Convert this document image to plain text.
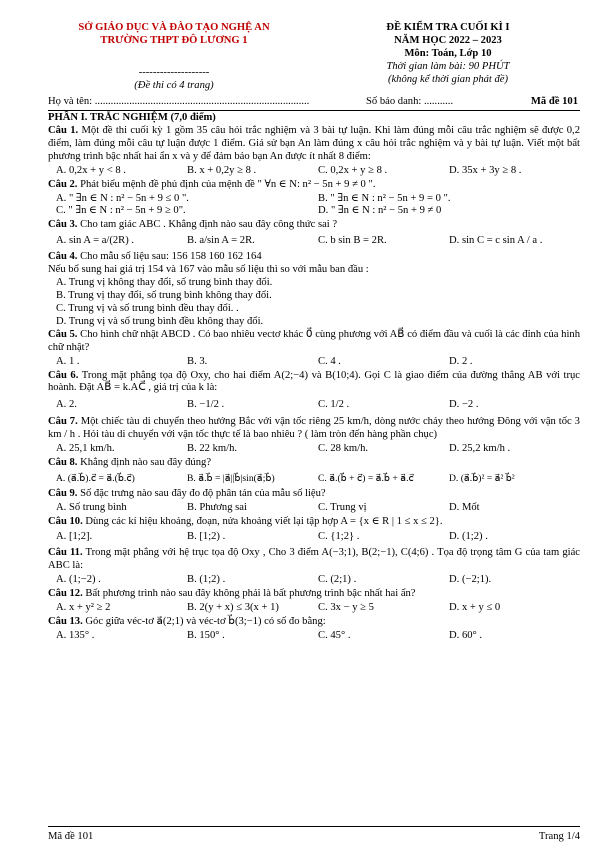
SỞ GIÁO DỤC VÀ ĐÀO TẠO NGHỆ AN
TRƯỜNG THPT ĐÔ LƯƠNG 1
--------------------
(Đề thi có 4 trang)
ĐỀ KIỂM TRA CUỐI KÌ I
NĂM HỌC 2022 – 2023
Môn: Toán, Lớp 10
Thời gian làm bài: 90 PHÚT
(không kể thời gian phát đề)
Họ và tên: .................................................................................	Số báo danh: ...........	Mã đề 101

PHẦN I. TRẮC NGHIỆM (7,0 điểm)

Câu 1. Một đề thi cuối kỳ 1 gồm 35 câu hỏi trắc nghiệm và 3 bài tự luận. Khi làm đúng mỗi câu trắc nghiệm sẽ được 0,2 điểm, làm đúng mỗi câu tự luận được 1 điểm. Giả sử bạn An làm đúng x câu hỏi trắc nghiệm và y bài tự luận. Viết một bất phương trình bậc nhất hai ẩn x và y để đảm bảo bạn An được ít nhất 8 điểm:

A. 0,2x + y < 8 .	B. x + 0,2y ≥ 8 .	C. 0,2x + y ≥ 8 .	D. 35x + 3y ≥ 8 .

Câu 2. Phát biểu mệnh đề phủ định của mệnh đề " ∀n ∈ N: n² − 5n + 9 ≠ 0 ".

A. " ∃n ∈ N : n² − 5n + 9 ≤ 0 ".	B. " ∃n ∈ N : n² − 5n + 9 = 0 ".
C. " ∃n ∈ N : n² − 5n + 9 ≥ 0".	D. " ∃n ∈ N : n² − 5n + 9 ≠ 0

Câu 3. Cho tam giác ABC . Khẳng định nào sau đây công thức sai ?

A. sin A = a/(2R) .	B. a/sin A = 2R.	C. b sin B = 2R.	D. sin C = c sin A / a .

Câu 4. Cho mẫu số liệu sau: 156 158 160 162 164

Nếu bổ sung hai giá trị 154 và 167 vào mẫu số liệu thì so với mẫu ban đầu :

A. Trung vị không thay đổi, số trung bình thay đổi.

B. Trung vị thay đổi, số trung bình không thay đổi.

C. Trung vị và số trung bình đều thay đổi. .

D. Trung vị và số trung bình đều không thay đổi.

Câu 5. Cho hình chữ nhật ABCD . Có bao nhiêu vectơ khác 0⃗ cùng phương với AB⃗ có điểm đầu và cuối là các đỉnh của hình chữ nhật?

A. 1 .	B. 3.	C. 4 .	D. 2 .

Câu 6. Trong mặt phẳng tọa độ Oxy, cho hai điểm A(2;−4) và B(10;4). Gọi C là giao điểm của đường thẳng AB với trục hoành. Đặt AB⃗ = k.AC⃗ , giá trị của k là:

A. 2.	B. −1/2 .	C. 1/2 .	D. −2 .

Câu 7. Một chiếc tàu di chuyển theo hướng Bắc với vận tốc riêng 25 km/h, dòng nước chảy theo hướng Đông với vận tốc 3 km / h . Hỏi tàu di chuyển với vận tốc thực tế là bao nhiêu ? ( làm tròn đến hàng phần chục)

A. 25,1 km/h.	B. 22 km/h.	C. 28 km/h.	D. 25,2 km/h .

Câu 8. Khẳng định nào sau đây đúng?

A. (a⃗.b⃗).c⃗ = a⃗.(b⃗.c⃗)	B. a⃗.b⃗ = |a⃗||b⃗|sin(a⃗;b⃗)	C. a⃗.(b⃗ + c⃗) = a⃗.b⃗ + a⃗.c⃗	D. (a⃗.b⃗)² = a⃗² b⃗²

Câu 9. Số đặc trưng nào sau đây đo độ phân tán của mẫu số liệu?

A. Số trung bình	B. Phương sai	C. Trung vị	D. Mốt

Câu 10. Dùng các kí hiệu khoảng, đoạn, nửa khoảng viết lại tập hợp A = {x ∈ R | 1 ≤ x ≤ 2}.

A. [1;2].	B. [1;2) .	C. {1;2} .	D. (1;2) .

Câu 11. Trong mặt phẳng với hệ trục tọa độ Oxy , Cho 3 điểm A(−3;1), B(2;−1), C(4;6) . Tọa độ trọng tâm G của tam giác ABC là:

A. (1;−2) .	B. (1;2) .	C. (2;1) .	D. (−2;1).

Câu 12. Bất phương trình nào sau đây không phải là bất phương trình bậc nhất hai ẩn?

A. x + y² ≥ 2	B. 2(y + x) ≤ 3(x + 1)	C. 3x − y ≥ 5	D. x + y ≤ 0

Câu 13. Góc giữa véc-tơ a⃗(2;1) và véc-tơ b⃗(3;−1) có số đo bằng:

A. 135° .	B. 150° .	C. 45° .	D. 60° .
Mã đề 101	Trang 1/4
